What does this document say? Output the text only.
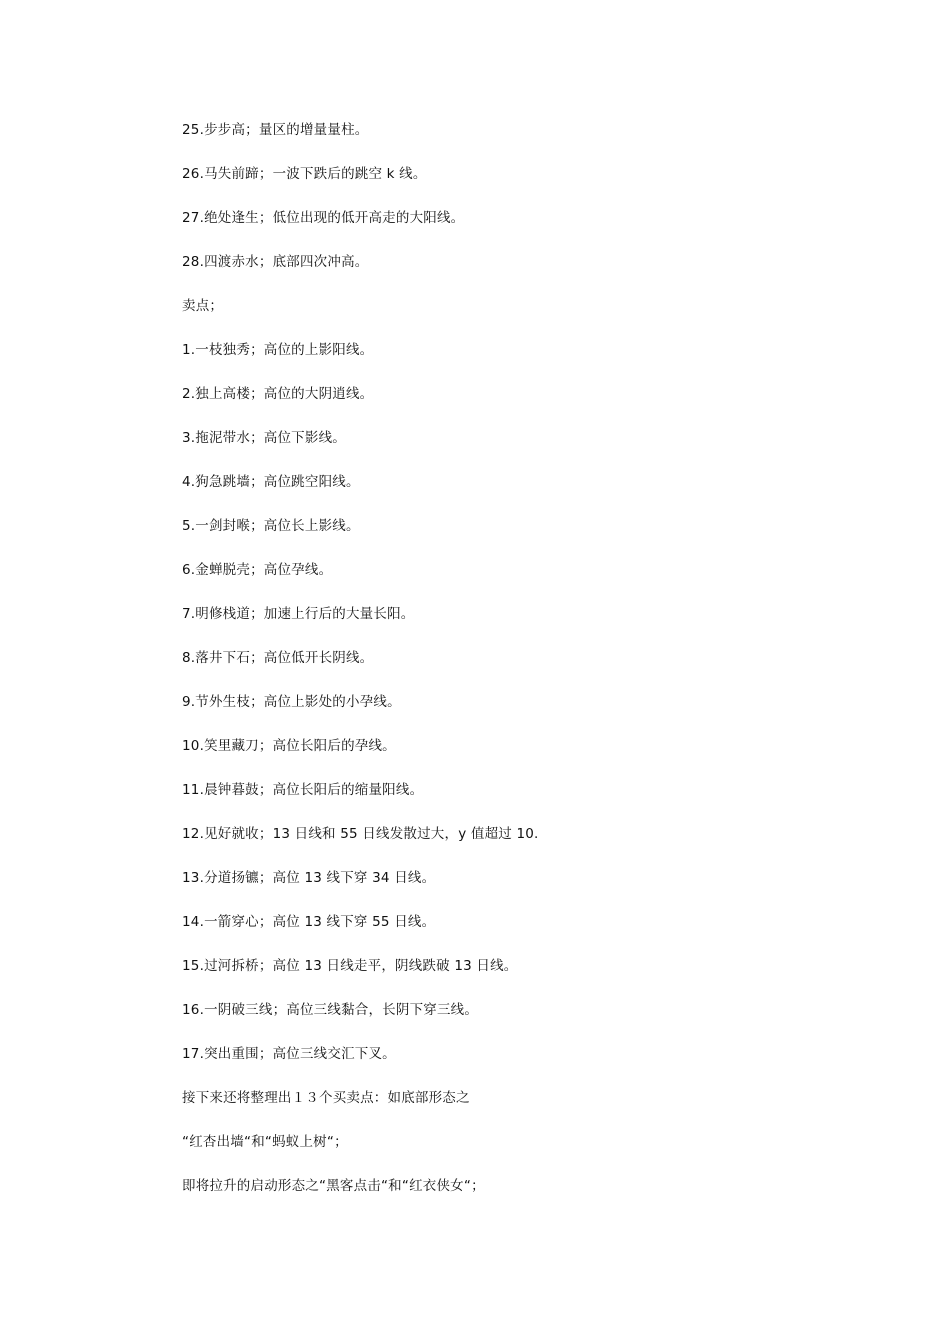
25.步步高；量区的增量量柱。
26.马失前蹄；一波下跌后的跳空 k 线。
27.绝处逢生；低位出现的低开高走的大阳线。
28.四渡赤水；底部四次冲高。
卖点；
1.一枝独秀；高位的上影阳线。
2.独上高楼；高位的大阴逍线。
3.拖泥带水；高位下影线。
4.狗急跳墙；高位跳空阳线。
5.一剑封喉；高位长上影线。
6.金蝉脱壳；高位孕线。
7.明修栈道；加速上行后的大量长阳。
8.落井下石；高位低开长阴线。
9.节外生枝；高位上影处的小孕线。
10.笑里藏刀；高位长阳后的孕线。
11.晨钟暮鼓；高位长阳后的缩量阳线。
12.见好就收；13 日线和 55 日线发散过大，y 值超过 10.
13.分道扬镳；高位 13 线下穿 34 日线。
14.一箭穿心；高位 13 线下穿 55 日线。
15.过河拆桥；高位 13 日线走平，阴线跌破 13 日线。
16.一阴破三线；高位三线黏合，长阴下穿三线。
17.突出重围；高位三线交汇下叉。
接下来还将整理出１３个买卖点：如底部形态之
“红杏出墙“和“蚂蚁上树“；
即将拉升的启动形态之“黑客点击“和“红衣侠女“；
